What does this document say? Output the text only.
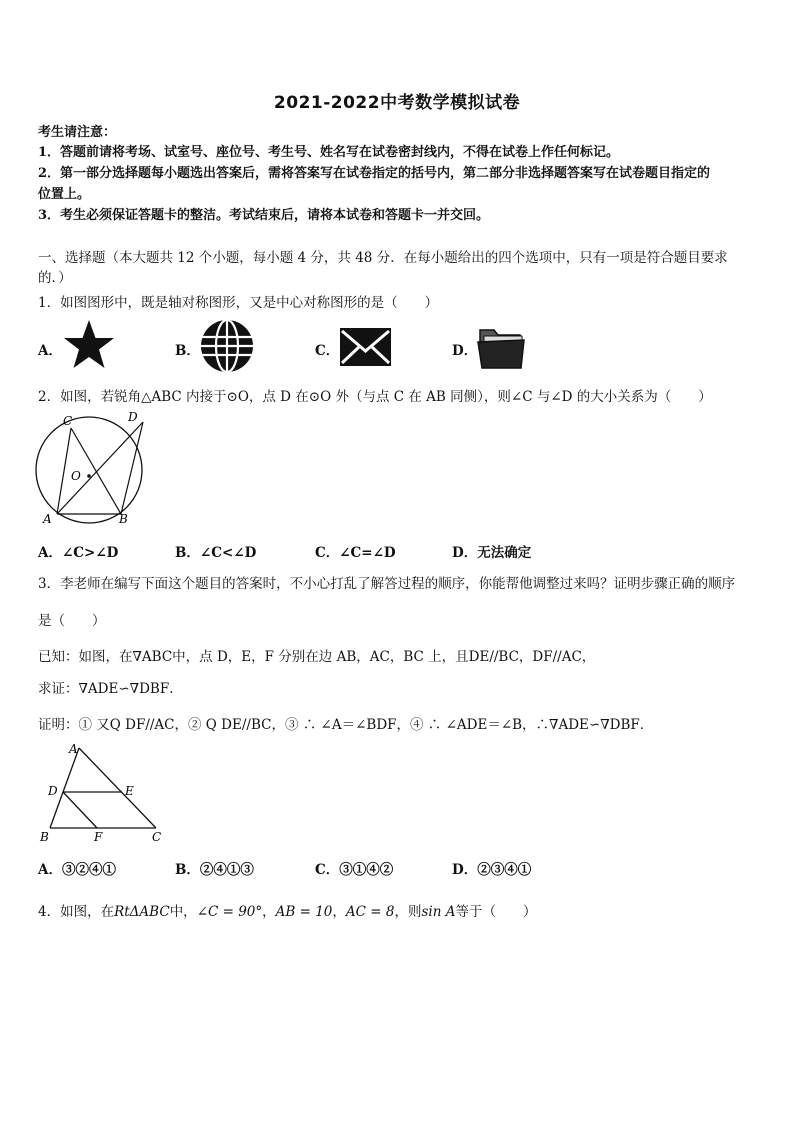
2021-2022中考数学模拟试卷
考生请注意：
1．答题前请将考场、试室号、座位号、考生号、姓名写在试卷密封线内，不得在试卷上作任何标记。
2．第一部分选择题每小题选出答案后，需将答案写在试卷指定的括号内，第二部分非选择题答案写在试卷题目指定的
位置上。
3．考生必须保证答题卡的整洁。考试结束后，请将本试卷和答题卡一并交回。
一、选择题（本大题共 12 个小题，每小题 4 分，共 48 分．在每小题给出的四个选项中，只有一项是符合题目要求
的．）
1．如图图形中，既是轴对称图形，又是中心对称图形的是（　　）
A．	B．	C．	D．
2．如图，若锐角△ABC 内接于⊙O，点 D 在⊙O 外（与点 C 在 AB 同侧），则∠C 与∠D 的大小关系为（　　）
C	D
O
A	B
A．∠C>∠D	B．∠C<∠D	C．∠C=∠D	D．无法确定
3．李老师在编写下面这个题目的答案时，不小心打乱了解答过程的顺序，你能帮他调整过来吗？证明步骤正确的顺序
是（　　）
已知：如图，在∇ABC中，点 D，E，F 分别在边 AB，AC，BC 上，且DE//BC，DF//AC，
求证：∇ADE∽∇DBF．
证明：① 又Q DF//AC，② Q DE//BC，③ ∴ ∠A＝∠BDF，④ ∴ ∠ADE＝∠B，∴∇ADE∽∇DBF．
A
D	E
B	F	C
A．③②④①	B．②④①③	C．③①④②	D．②③④①
4．如图，在RtΔABC中，∠C = 90°，AB = 10，AC = 8，则sin A等于（　　）
